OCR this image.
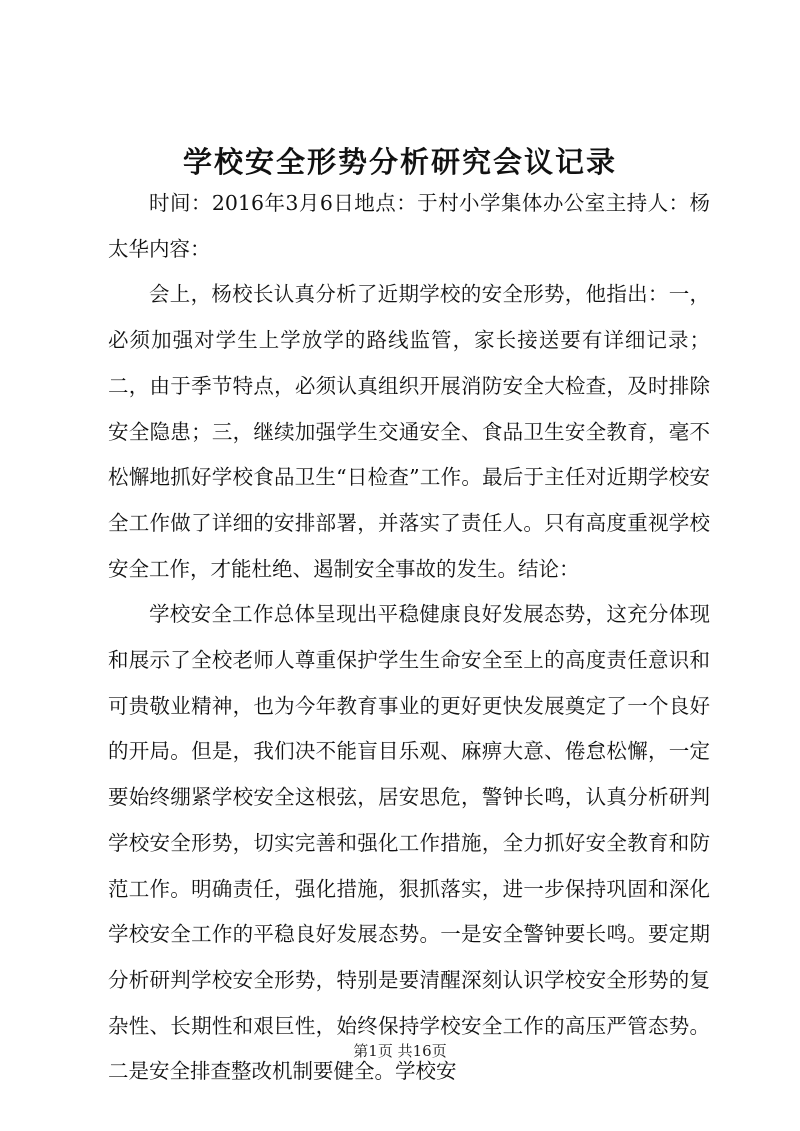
学校安全形势分析研究会议记录

时间：2016年3月6日地点：于村小学集体办公室主持人：杨太华内容：

会上，杨校长认真分析了近期学校的安全形势，他指出：一，必须加强对学生上学放学的路线监管，家长接送要有详细记录；二，由于季节特点，必须认真组织开展消防安全大检查，及时排除安全隐患；三，继续加强学生交通安全、食品卫生安全教育，毫不松懈地抓好学校食品卫生“日检查”工作。最后于主任对近期学校安全工作做了详细的安排部署，并落实了责任人。只有高度重视学校安全工作，才能杜绝、遏制安全事故的发生。结论：

学校安全工作总体呈现出平稳健康良好发展态势，这充分体现和展示了全校老师人尊重保护学生生命安全至上的高度责任意识和可贵敬业精神，也为今年教育事业的更好更快发展奠定了一个良好的开局。但是，我们决不能盲目乐观、麻痹大意、倦怠松懈，一定要始终绷紧学校安全这根弦，居安思危，警钟长鸣，认真分析研判学校安全形势，切实完善和强化工作措施，全力抓好安全教育和防范工作。明确责任，强化措施，狠抓落实，进一步保持巩固和深化学校安全工作的平稳良好发展态势。一是安全警钟要长鸣。要定期分析研判学校安全形势，特别是要清醒深刻认识学校安全形势的复杂性、长期性和艰巨性，始终保持学校安全工作的高压严管态势。二是安全排查整改机制要健全。学校安

第1页 共16页
